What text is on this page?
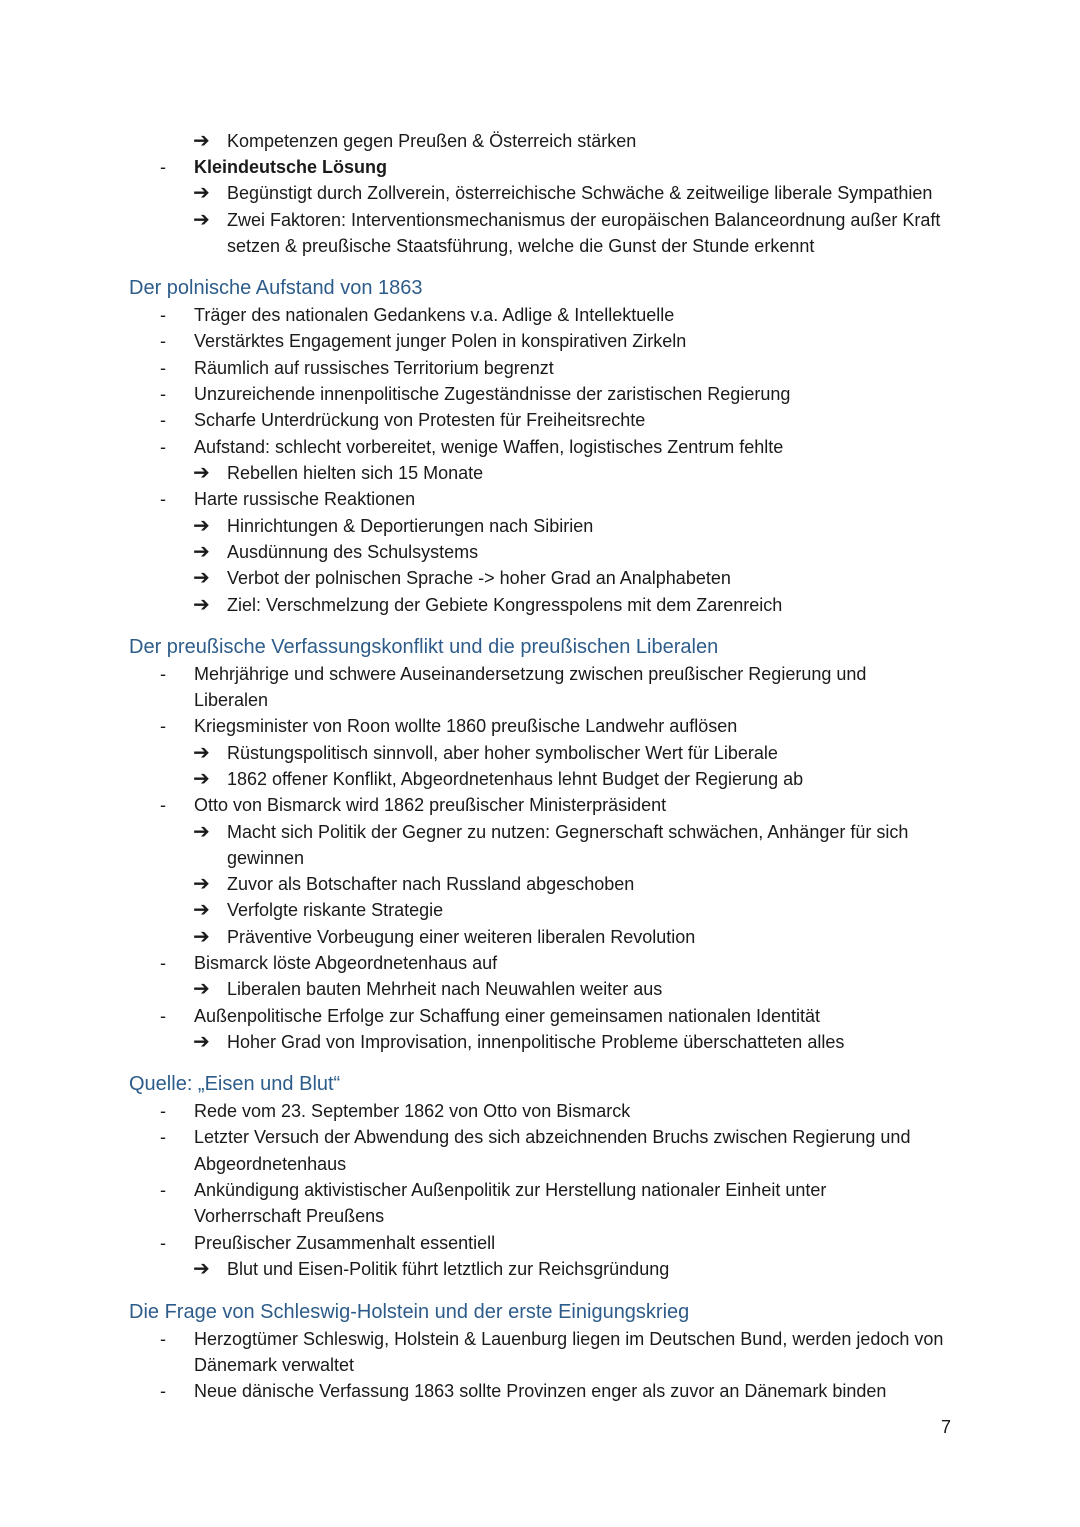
➔ Kompetenzen gegen Preußen & Österreich stärken
- Kleindeutsche Lösung
➔ Begünstigt durch Zollverein, österreichische Schwäche & zeitweilige liberale Sympathien
➔ Zwei Faktoren: Interventionsmechanismus der europäischen Balanceordnung außer Kraft
setzen & preußische Staatsführung, welche die Gunst der Stunde erkennt
Der polnische Aufstand von 1863
- Träger des nationalen Gedankens v.a. Adlige & Intellektuelle
- Verstärktes Engagement junger Polen in konspirativen Zirkeln
- Räumlich auf russisches Territorium begrenzt
- Unzureichende innenpolitische Zugeständnisse der zaristischen Regierung
- Scharfe Unterdrückung von Protesten für Freiheitsrechte
- Aufstand: schlecht vorbereitet, wenige Waffen, logistisches Zentrum fehlte
➔ Rebellen hielten sich 15 Monate
- Harte russische Reaktionen
➔ Hinrichtungen & Deportierungen nach Sibirien
➔ Ausdünnung des Schulsystems
➔ Verbot der polnischen Sprache -> hoher Grad an Analphabeten
➔ Ziel: Verschmelzung der Gebiete Kongresspolens mit dem Zarenreich
Der preußische Verfassungskonflikt und die preußischen Liberalen
- Mehrjährige und schwere Auseinandersetzung zwischen preußischer Regierung und
Liberalen
- Kriegsminister von Roon wollte 1860 preußische Landwehr auflösen
➔ Rüstungspolitisch sinnvoll, aber hoher symbolischer Wert für Liberale
➔ 1862 offener Konflikt, Abgeordnetenhaus lehnt Budget der Regierung ab
- Otto von Bismarck wird 1862 preußischer Ministerpräsident
➔ Macht sich Politik der Gegner zu nutzen: Gegnerschaft schwächen, Anhänger für sich
gewinnen
➔ Zuvor als Botschafter nach Russland abgeschoben
➔ Verfolgte riskante Strategie
➔ Präventive Vorbeugung einer weiteren liberalen Revolution
- Bismarck löste Abgeordnetenhaus auf
➔ Liberalen bauten Mehrheit nach Neuwahlen weiter aus
- Außenpolitische Erfolge zur Schaffung einer gemeinsamen nationalen Identität
➔ Hoher Grad von Improvisation, innenpolitische Probleme überschatteten alles
Quelle: „Eisen und Blut“
- Rede vom 23. September 1862 von Otto von Bismarck
- Letzter Versuch der Abwendung des sich abzeichnenden Bruchs zwischen Regierung und
Abgeordnetenhaus
- Ankündigung aktivistischer Außenpolitik zur Herstellung nationaler Einheit unter
Vorherrschaft Preußens
- Preußischer Zusammenhalt essentiell
➔ Blut und Eisen-Politik führt letztlich zur Reichsgründung
Die Frage von Schleswig-Holstein und der erste Einigungskrieg
- Herzogtümer Schleswig, Holstein & Lauenburg liegen im Deutschen Bund, werden jedoch von
Dänemark verwaltet
- Neue dänische Verfassung 1863 sollte Provinzen enger als zuvor an Dänemark binden
7
